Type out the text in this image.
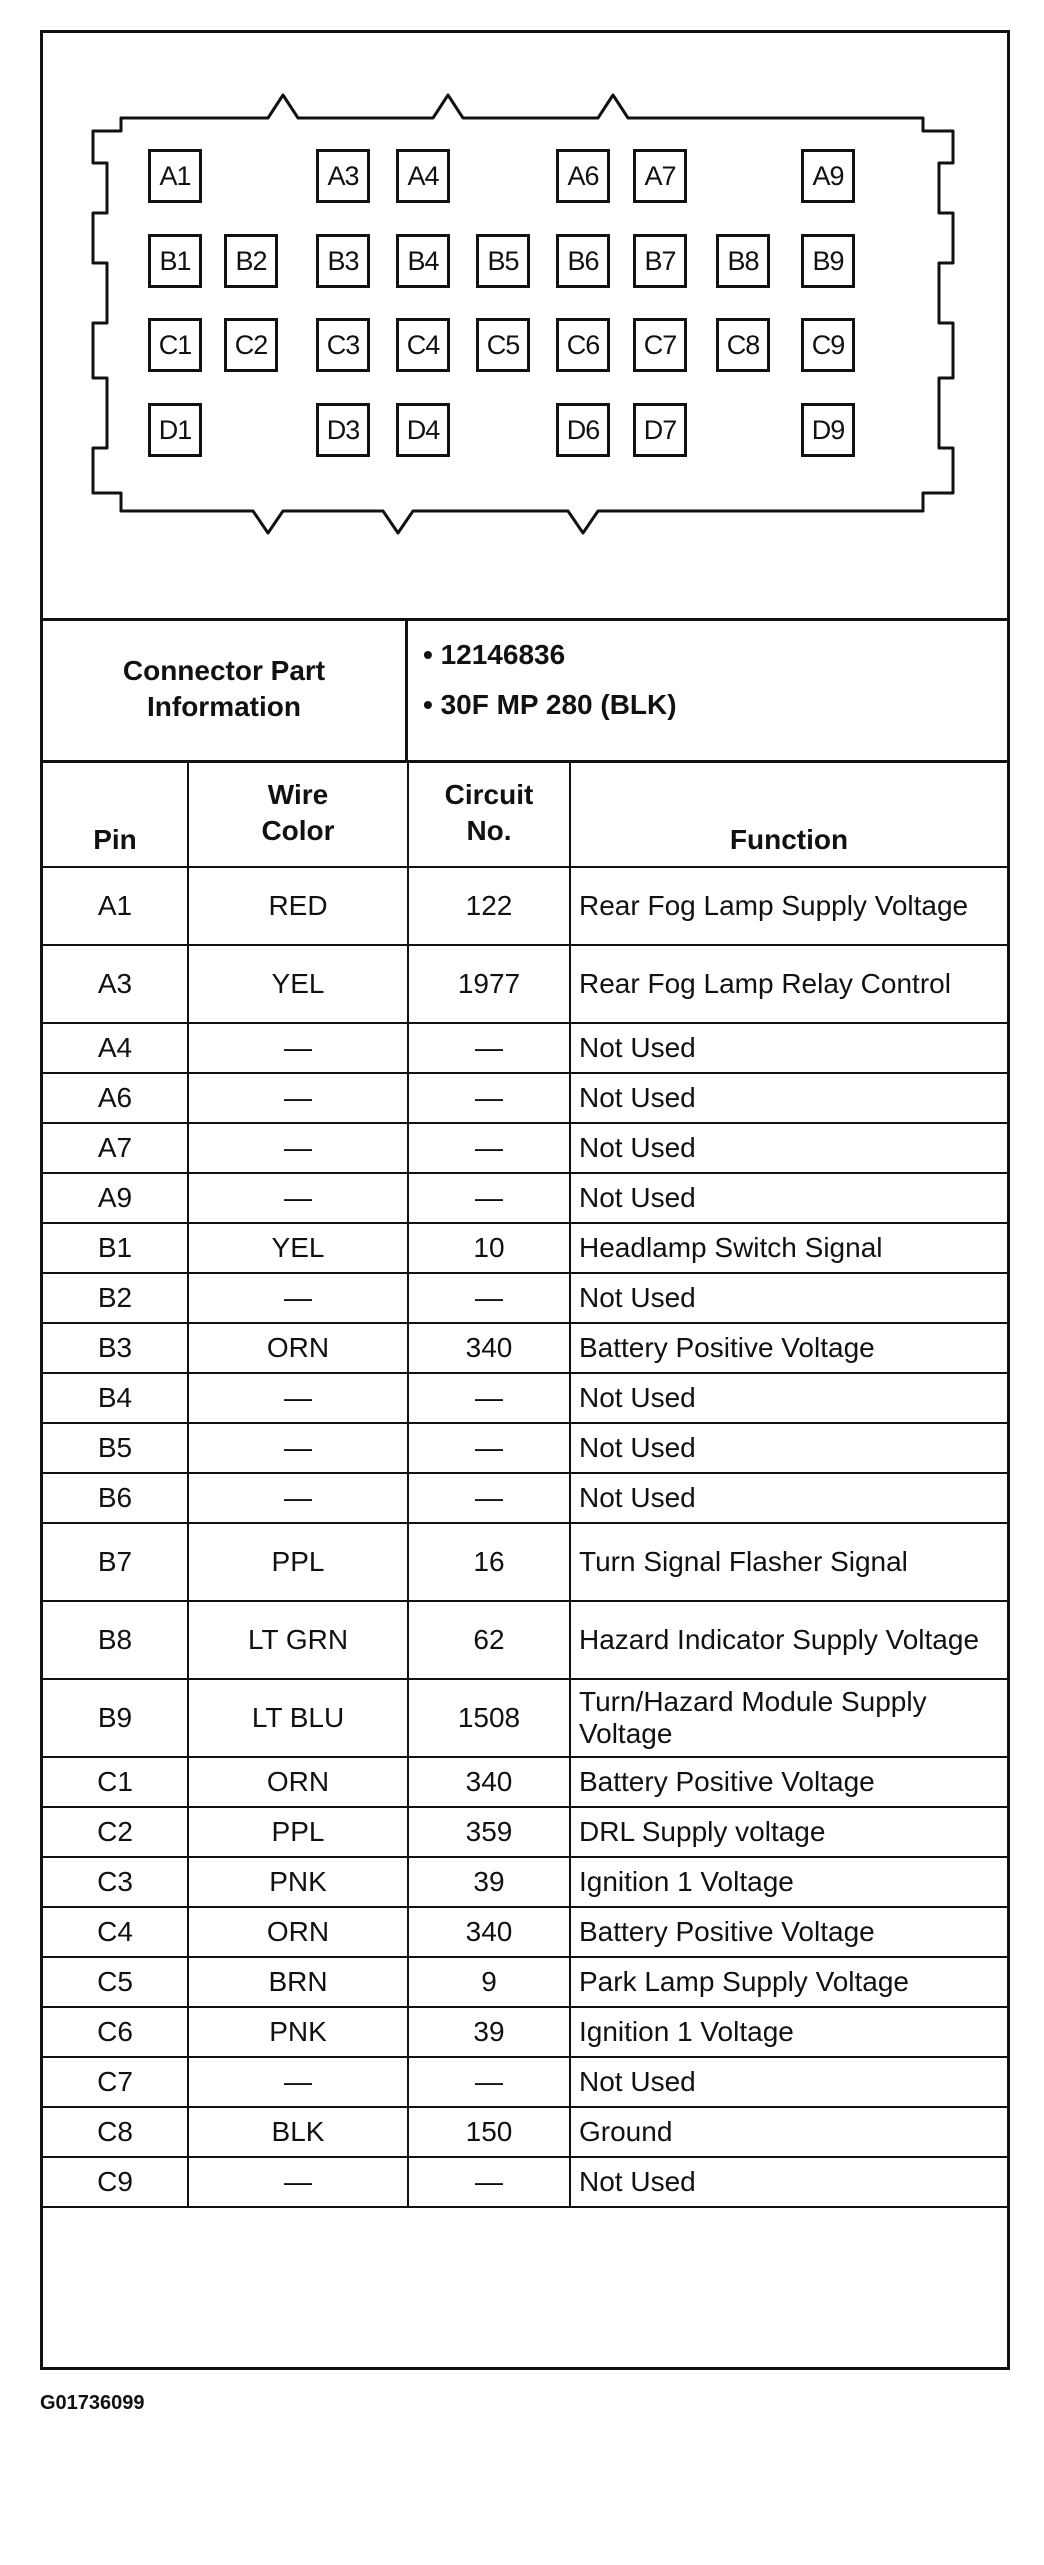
A1	A3	A4	A6	A7	A9
B1	B2	B3	B4	B5	B6	B7	B8	B9
C1	C2	C3	C4	C5	C6	C7	C8	C9
D1	D3	D4	D6	D7	D9
Connector Part
Information
• 12146836
• 30F MP 280 (BLK)
Pin	Wire Color	Circuit No.	Function
A1	RED	122	Rear Fog Lamp Supply Voltage
A3	YEL	1977	Rear Fog Lamp Relay Control
A4	—	—	Not Used
A6	—	—	Not Used
A7	—	—	Not Used
A9	—	—	Not Used
B1	YEL	10	Headlamp Switch Signal
B2	—	—	Not Used
B3	ORN	340	Battery Positive Voltage
B4	—	—	Not Used
B5	—	—	Not Used
B6	—	—	Not Used
B7	PPL	16	Turn Signal Flasher Signal
B8	LT GRN	62	Hazard Indicator Supply Voltage
B9	LT BLU	1508	Turn/Hazard Module Supply Voltage
C1	ORN	340	Battery Positive Voltage
C2	PPL	359	DRL Supply voltage
C3	PNK	39	Ignition 1 Voltage
C4	ORN	340	Battery Positive Voltage
C5	BRN	9	Park Lamp Supply Voltage
C6	PNK	39	Ignition 1 Voltage
C7	—	—	Not Used
C8	BLK	150	Ground
C9	—	—	Not Used
G01736099
